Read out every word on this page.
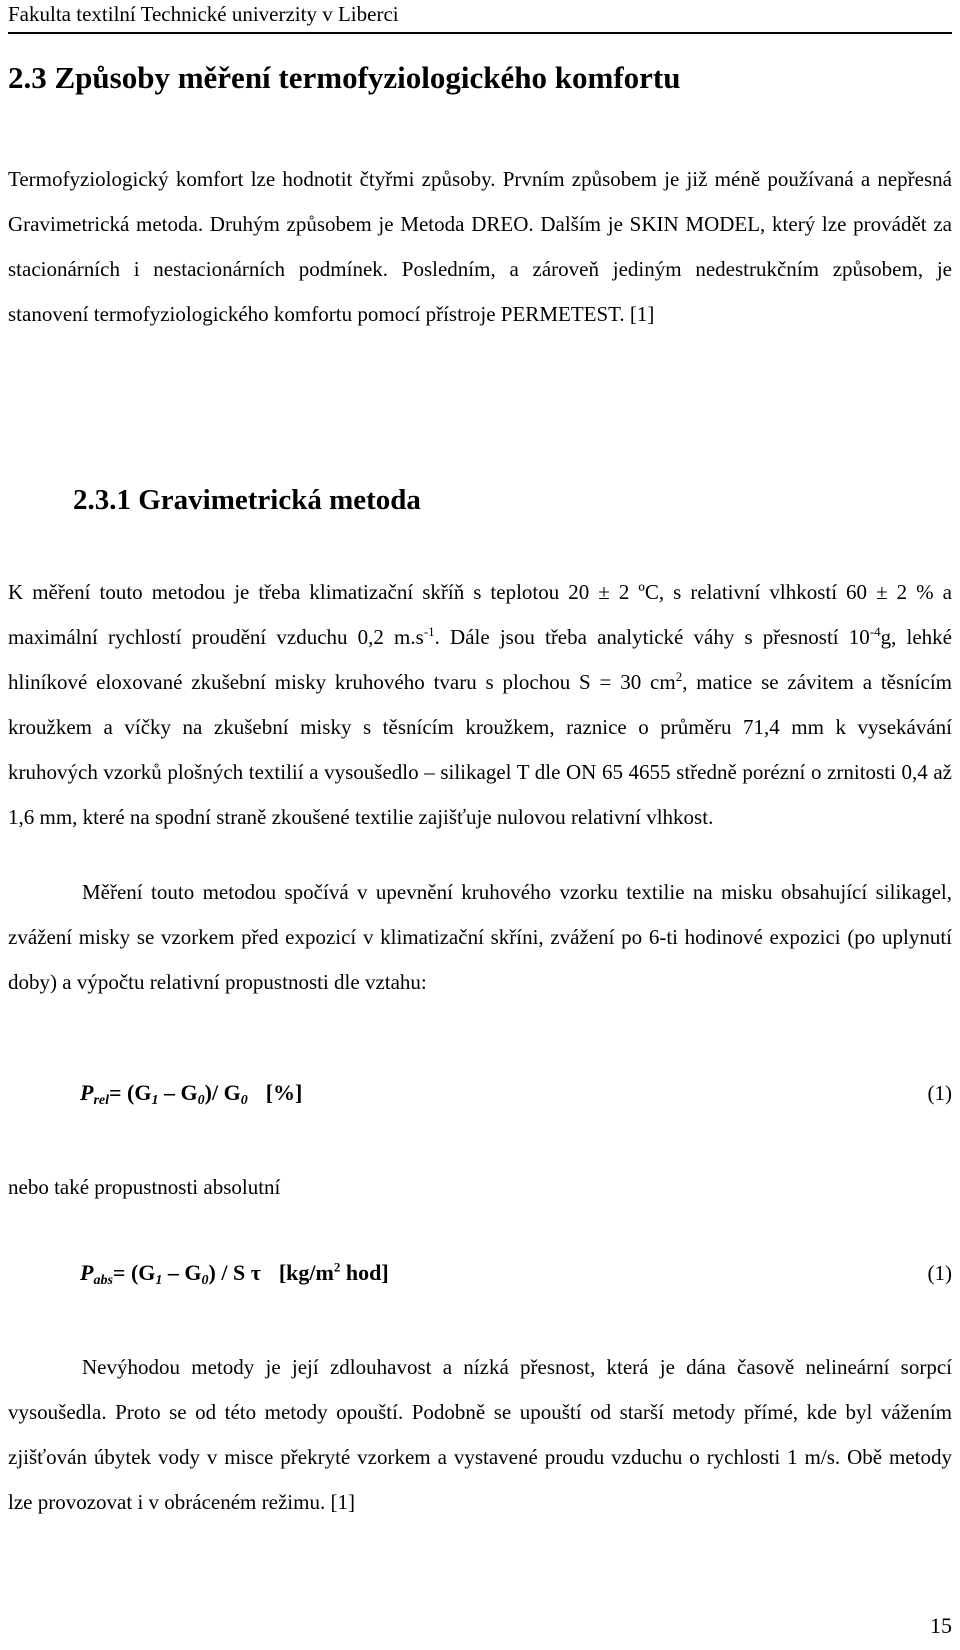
Fakulta textilní Technické univerzity v Liberci
2.3 Způsoby měření termofyziologického komfortu

Termofyziologický komfort lze hodnotit čtyřmi způsoby. Prvním způsobem je již méně používaná a nepřesná Gravimetrická metoda. Druhým způsobem je Metoda DREO. Dalším je SKIN MODEL, který lze provádět za stacionárních i nestacionárních podmínek. Posledním, a zároveň jediným nedestrukčním způsobem, je stanovení termofyziologického komfortu pomocí přístroje PERMETEST. [1]

2.3.1 Gravimetrická metoda

K měření touto metodou je třeba klimatizační skříň s teplotou 20 ± 2 ºC, s relativní vlhkostí 60 ± 2 % a maximální rychlostí proudění vzduchu 0,2 $m.s^{-1}$. Dále jsou třeba analytické váhy s přesností $10^{-4}g$, lehké hliníkové eloxované zkušební misky kruhového tvaru s plochou S = 30 $cm^2$, matice se závitem a těsnícím kroužkem a víčky na zkušební misky s těsnícím kroužkem, raznice o průměru 71,4 mm k vysekávání kruhových vzorků plošných textilií a vysoušedlo – silikagel T dle ON 65 4655 středně porézní o zrnitosti 0,4 až 1,6 mm, které na spodní straně zkoušené textilie zajišťuje nulovou relativní vlhkost.

Měření touto metodou spočívá v upevnění kruhového vzorku textilie na misku obsahující silikagel, zvážení misky se vzorkem před expozicí v klimatizační skříni, zvážení po 6-ti hodinové expozici (po uplynutí doby) a výpočtu relativní propustnosti dle vztahu:

$P_{rel}= (G_1 - G_0)/$ $G_0$ [%]	(1)

nebo také propustnosti absolutní

$P_{abs}= (G_1 - G_0) / S$ τ [$kg/m^2$ hod]	(1)

Nevýhodou metody je její zdlouhavost a nízká přesnost, která je dána časově nelineární sorpcí vysoušedla. Proto se od této metody opouští. Podobně se upouští od starší metody přímé, kde byl vážením zjišťován úbytek vody v misce překryté vzorkem a vystavené proudu vzduchu o rychlosti 1 m/s. Obě metody lze provozovat i v obráceném režimu. [1]

15
